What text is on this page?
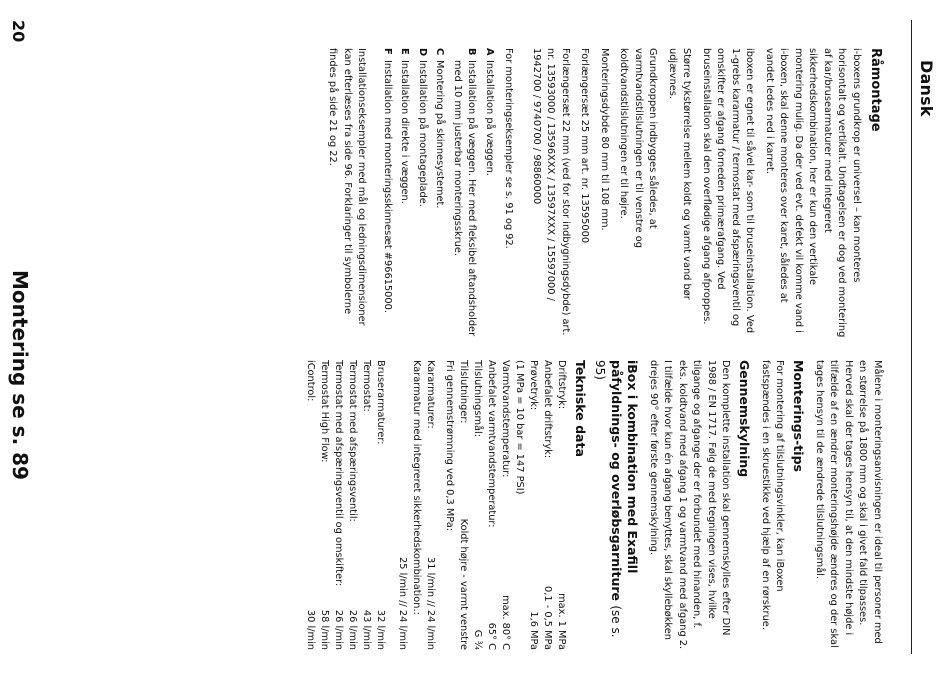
Dansk
Råmontage

i-boxens grundkrop er universel – kan monteres horisontalt og vertikalt. Undtagelsen er dog ved montering af kar/brusearmaturer med integreret sikkerhedskombination, her er kun den vertikale montering mulig. Da der ved evt. defekt vil komme vand i i-boxen, skal denne monteres over karet, således at vandet ledes ned i karret.

iboxen er egnet til såvel kar- som til bruseinstallation. Ved 1-grebs kararmatur / termostat med afspæringsventil og omskifter er afgang forneden primærafgang. Ved bruseinstallation skal den overflødige afgang afproppes.

Større tykstørrelse mellem koldt og varmt vand bør udjævnes.

Grundkroppen indbygges således, at varmtvandstilslutningen er til venstre og koldtvandstilslutningen er til højre.

Monteringsdybde 80 mm til 108 mm.

Forlængersæt 25 mm art. nr. 13595000

Forlængersæt 22 mm (ved for stor indbygningsdybde) art. nr. 13593000 / 13596XXX / 13597XXX / 15597000 / 1942700 / 9740700 / 98860000

For monteringseksempler se s. 91 og 92.

A
Installation på væggen.
B
Installation på væggen. Her med fleksibel aftandsholder med 10 mm justerbar monteringsskrue.
C
Montering på skinnesystemet.
D
Installation på montageplade.
E
Installation direkte i væggen.
F
Installation med monteringsskinnesæt #96615000.

Installationseksempler med mål og ledningsdimensioner kan efterlæses fra side 96. Forklaringer til symbolerne findes på side 21 og 22.

Målene i monteringsanvisningen er ideal til personer med en størrelse på 1800 mm og skal i givet fald tilpasses. Herved skal der tages hensyn til, at den mindste højde i tilfælde af en ændrer monteringshøjde ændres og der skal tages hensyn til de ændrede tilslutningsmål.

Monterings-tips

For montering af tilslutningsvinkler, kan iBoxen fastspændes i en skruestikke ved hjælp af en rørskrue.

Gennemskylning

Den komplette installation skal gennemskylles efter DIN 1988 / EN 1717. Følg de med tegningen vises, hvilke tilgange og afgange der er forbundet med hinanden, f. eks. koldtvand med afgang 1 og varmtvand med afgang 2. I tilfælde hvor kun én afgang benyttes, skal skyllebøkken drejes 90° efter første gennemskylning.

iBox i kombination med Exafill påfyldnings- og overløbsgarniture (se s. 95)
Tekniske data
Driftstryk:
max. 1 MPa
Anbefalet driftstryk:
0,1 - 0,5 MPa
Prøvetryk:
1,6 MPa
(1 MPa = 10 bar = 147 PSI)
Varmtvandstemperatur:
max. 80° C
Anbefalet varmtvandstemperatur:
65° C
Tilslutningsmål:
G ¾
Tilslutninger:
Koldt højre - varmt venstre

Fri gennemstrømning ved 0,3 MPa:

Kararmaturer:
31 l/min // 24 l/min
Kararmatur med integreret sikkerhedskombination.:
25 l/min // 24 l/min
Bruserarmaturer:
32 l/min
Termostat:
43 l/min
Termostat med afspæringsventil:
26 l/min
Termostat med afspæringsventil og omskifter:
26 l/min
Termostat High Flow:
58 l/min
iControl:
30 l/min
20
Montering se s. 89
